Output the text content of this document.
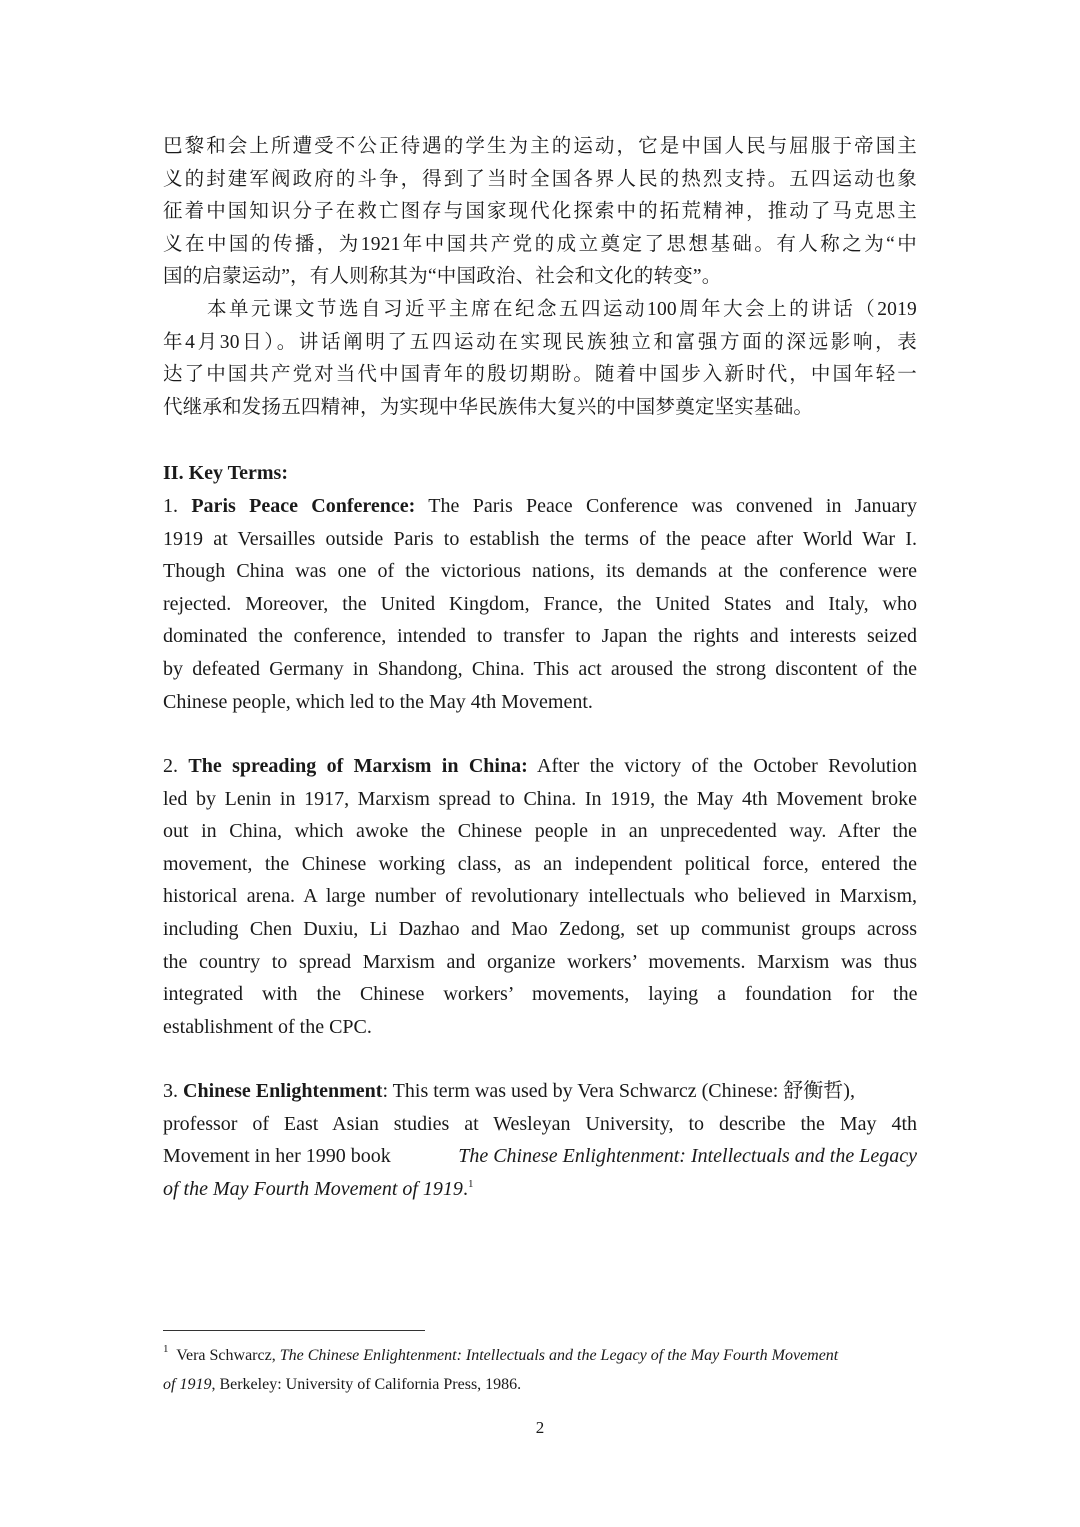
巴黎和会上所遭受不公正待遇的学生为主的运动，它是中国人民与屈服于帝国主
义的封建军阀政府的斗争，得到了当时全国各界人民的热烈支持。五四运动也象
征着中国知识分子在救亡图存与国家现代化探索中的拓荒精神，推动了马克思主
义在中国的传播，为1921年中国共产党的成立奠定了思想基础。有人称之为“中
国的启蒙运动”，有人则称其为“中国政治、社会和文化的转变”。
　　本单元课文节选自习近平主席在纪念五四运动100周年大会上的讲话（2019
年4月30日）。讲话阐明了五四运动在实现民族独立和富强方面的深远影响，表
达了中国共产党对当代中国青年的殷切期盼。随着中国步入新时代，中国年轻一
代继承和发扬五四精神，为实现中华民族伟大复兴的中国梦奠定坚实基础。
II. Key Terms:
1. Paris Peace Conference: The Paris Peace Conference was convened in January
1919 at Versailles outside Paris to establish the terms of the peace after World War I.
Though China was one of the victorious nations, its demands at the conference were
rejected. Moreover, the United Kingdom, France, the United States and Italy, who
dominated the conference, intended to transfer to Japan the rights and interests seized
by defeated Germany in Shandong, China. This act aroused the strong discontent of the
Chinese people, which led to the May 4th Movement.
2. The spreading of Marxism in China: After the victory of the October Revolution
led by Lenin in 1917, Marxism spread to China. In 1919, the May 4th Movement broke
out in China, which awoke the Chinese people in an unprecedented way. After the
movement, the Chinese working class, as an independent political force, entered the
historical arena. A large number of revolutionary intellectuals who believed in Marxism,
including Chen Duxiu, Li Dazhao and Mao Zedong, set up communist groups across
the country to spread Marxism and organize workers’ movements. Marxism was thus
integrated with the Chinese workers’ movements, laying a foundation for the
establishment of the CPC.
3. Chinese Enlightenment: This term was used by Vera Schwarcz (Chinese: 舒衡哲),
professor of East Asian studies at Wesleyan University, to describe the May 4th
Movement in her 1990 book	The Chinese Enlightenment: Intellectuals and the Legacy
of the May Fourth Movement of 1919.$^1$
$^1$  Vera Schwarcz, The Chinese Enlightenment: Intellectuals and the Legacy of the May Fourth Movement
of 1919, Berkeley: University of California Press, 1986.
2
